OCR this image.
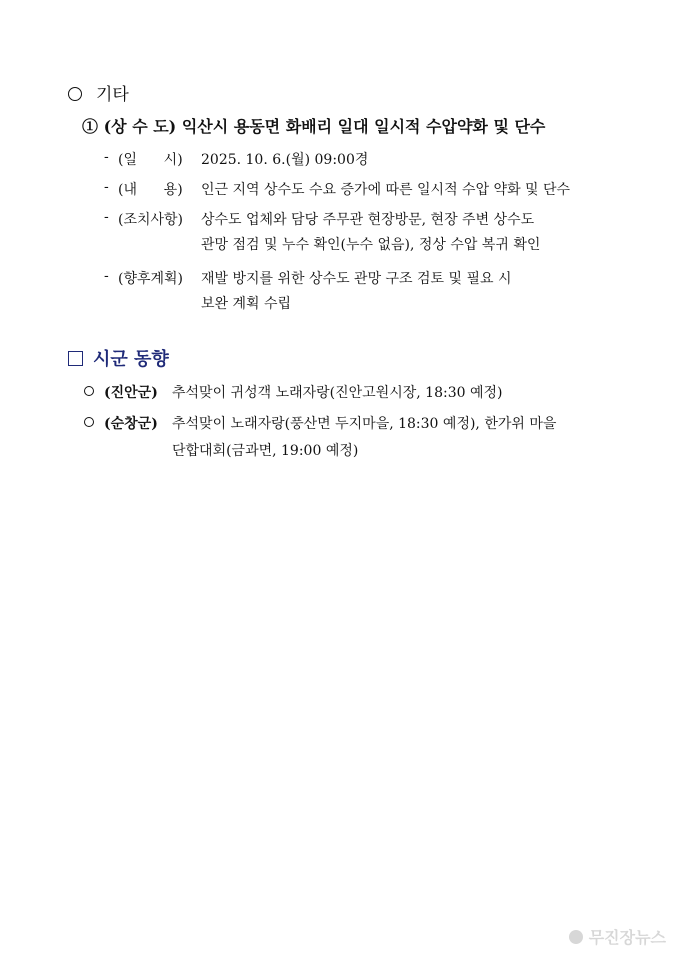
기타
① (상 수 도) 익산시 용동면 화배리 일대 일시적 수압약화 및 단수
- (일      시) 2025. 10. 6.(월) 09:00경
- (내      용) 인근 지역 상수도 수요 증가에 따른 일시적 수압 약화 및 단수
- (조치사항) 상수도 업체와 담당 주무관 현장방문, 현장 주변 상수도
관망 점검 및 누수 확인(누수 없음), 정상 수압 복귀 확인
- (향후계획) 재발 방지를 위한 상수도 관망 구조 검토 및 필요 시
보완 계획 수립
시군 동향
(진안군) 추석맞이 귀성객 노래자랑(진안고원시장, 18:30 예정)
(순창군) 추석맞이 노래자랑(풍산면 두지마을, 18:30 예정), 한가위 마을
단합대회(금과면, 19:00 예정)
무진장뉴스
